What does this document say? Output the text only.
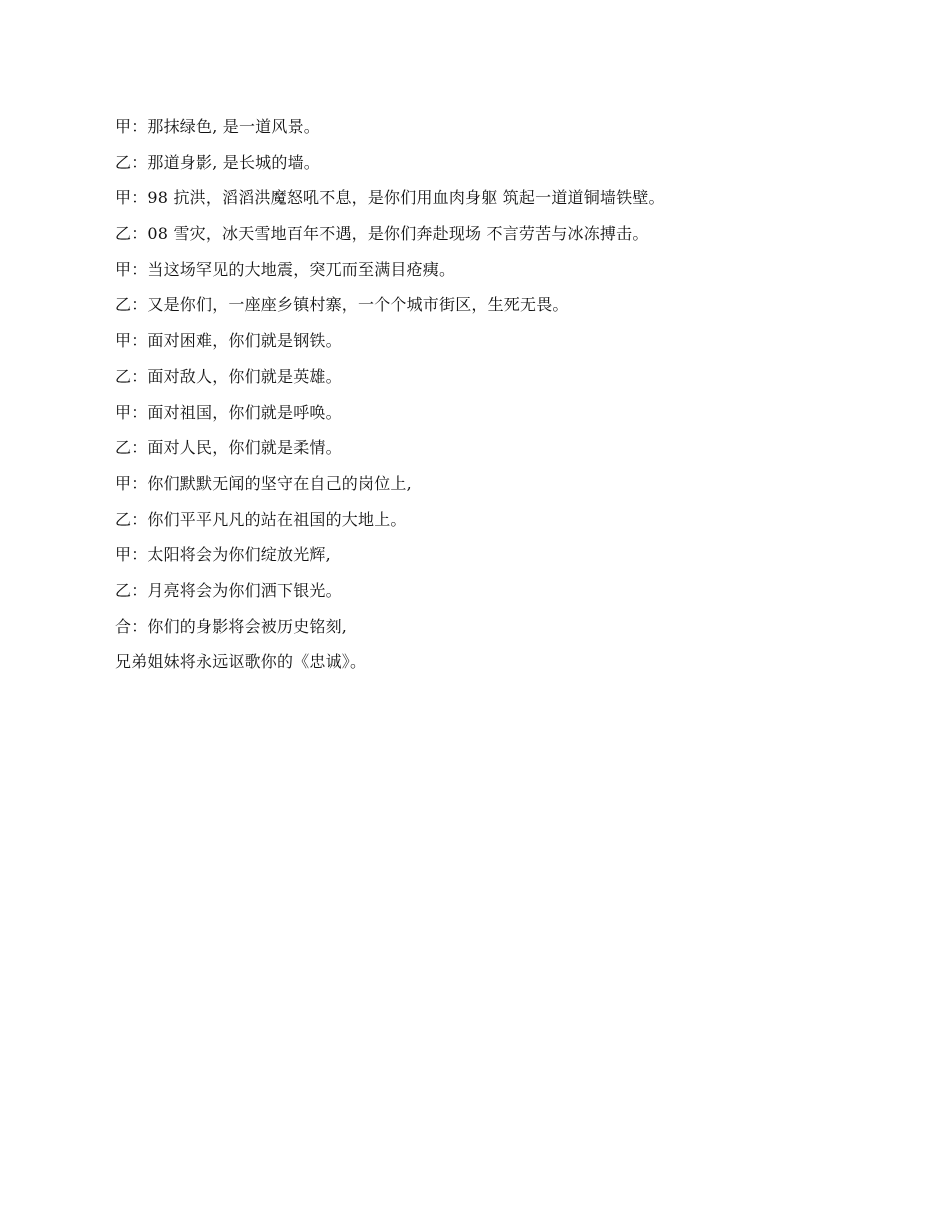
甲：那抹绿色, 是一道风景。
乙：那道身影, 是长城的墙。
甲：98 抗洪，滔滔洪魔怒吼不息，是你们用血肉身躯 筑起一道道铜墙铁壁。
乙：08 雪灾，冰天雪地百年不遇，是你们奔赴现场 不言劳苦与冰冻搏击。
甲：当这场罕见的大地震，突兀而至满目疮痍。
乙：又是你们，一座座乡镇村寨，一个个城市街区，生死无畏。
甲：面对困难，你们就是钢铁。
乙：面对敌人，你们就是英雄。
甲：面对祖国，你们就是呼唤。
乙：面对人民，你们就是柔情。
甲：你们默默无闻的坚守在自己的岗位上,
乙：你们平平凡凡的站在祖国的大地上。
甲：太阳将会为你们绽放光辉,
乙：月亮将会为你们洒下银光。
合：你们的身影将会被历史铭刻,
兄弟姐妹将永远讴歌你的《忠诚》。
